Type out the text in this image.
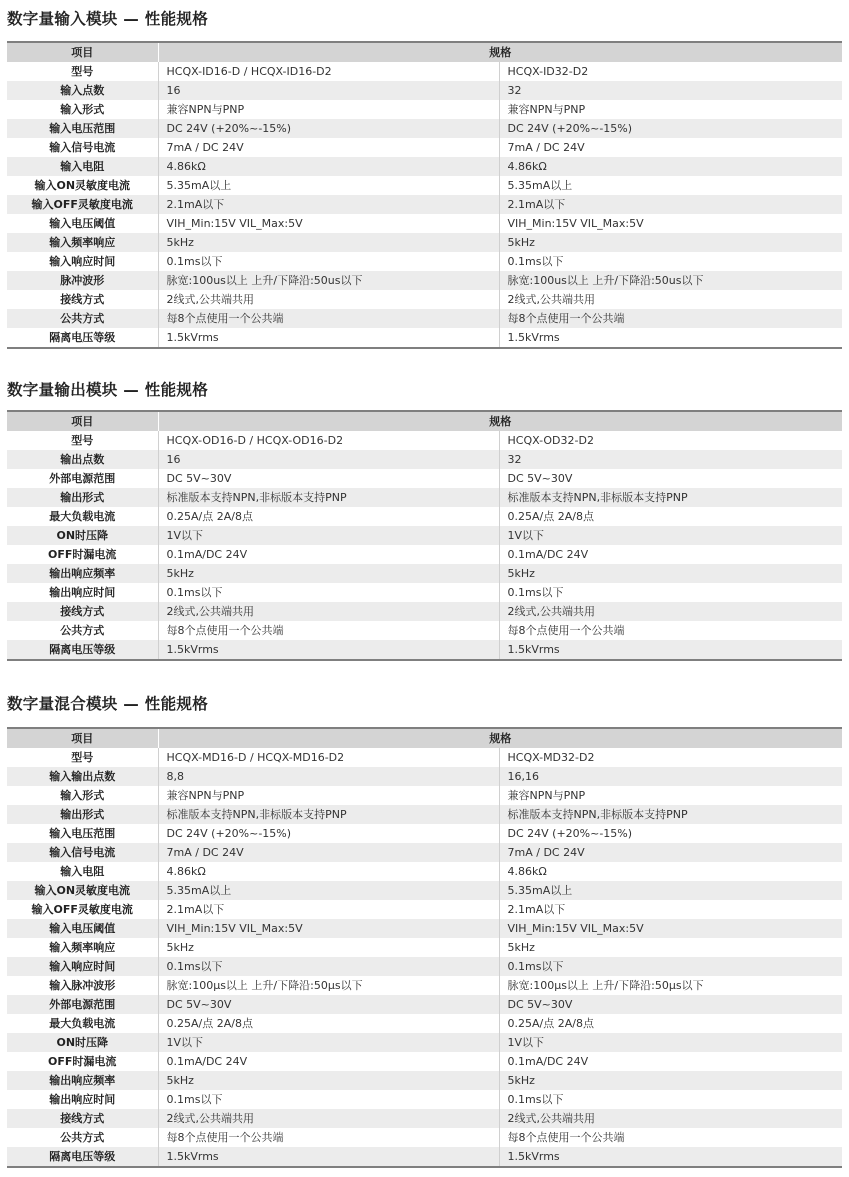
数字量输入模块 — 性能规格
项目	规格	
型号	HCQX-ID16-D / HCQX-ID16-D2	HCQX-ID32-D2
输入点数	16	32
输入形式	兼容NPN与PNP	兼容NPN与PNP
输入电压范围	DC 24V (+20%~-15%)	DC 24V (+20%~-15%)
输入信号电流	7mA / DC 24V	7mA / DC 24V
输入电阻	4.86kΩ	4.86kΩ
输入ON灵敏度电流	5.35mA以上	5.35mA以上
输入OFF灵敏度电流	2.1mA以下	2.1mA以下
输入电压阈值	VIH_Min:15V VIL_Max:5V	VIH_Min:15V VIL_Max:5V
输入频率响应	5kHz	5kHz
输入响应时间	0.1ms以下	0.1ms以下
脉冲波形	脉宽:100us以上 上升/下降沿:50us以下	脉宽:100us以上 上升/下降沿:50us以下
接线方式	2线式,公共端共用	2线式,公共端共用
公共方式	每8个点使用一个公共端	每8个点使用一个公共端
隔离电压等级	1.5kVrms	1.5kVrms
数字量输出模块 — 性能规格
项目	规格	
型号	HCQX-OD16-D / HCQX-OD16-D2	HCQX-OD32-D2
输出点数	16	32
外部电源范围	DC 5V~30V	DC 5V~30V
输出形式	标准版本支持NPN,非标版本支持PNP	标准版本支持NPN,非标版本支持PNP
最大负载电流	0.25A/点 2A/8点	0.25A/点 2A/8点
ON时压降	1V以下	1V以下
OFF时漏电流	0.1mA/DC 24V	0.1mA/DC 24V
输出响应频率	5kHz	5kHz
输出响应时间	0.1ms以下	0.1ms以下
接线方式	2线式,公共端共用	2线式,公共端共用
公共方式	每8个点使用一个公共端	每8个点使用一个公共端
隔离电压等级	1.5kVrms	1.5kVrms
数字量混合模块 — 性能规格
项目	规格	
型号	HCQX-MD16-D / HCQX-MD16-D2	HCQX-MD32-D2
输入输出点数	8,8	16,16
输入形式	兼容NPN与PNP	兼容NPN与PNP
输出形式	标准版本支持NPN,非标版本支持PNP	标准版本支持NPN,非标版本支持PNP
输入电压范围	DC 24V (+20%~-15%)	DC 24V (+20%~-15%)
输入信号电流	7mA / DC 24V	7mA / DC 24V
输入电阻	4.86kΩ	4.86kΩ
输入ON灵敏度电流	5.35mA以上	5.35mA以上
输入OFF灵敏度电流	2.1mA以下	2.1mA以下
输入电压阈值	VIH_Min:15V VIL_Max:5V	VIH_Min:15V VIL_Max:5V
输入频率响应	5kHz	5kHz
输入响应时间	0.1ms以下	0.1ms以下
输入脉冲波形	脉宽:100μs以上 上升/下降沿:50μs以下	脉宽:100μs以上 上升/下降沿:50μs以下
外部电源范围	DC 5V~30V	DC 5V~30V
最大负载电流	0.25A/点 2A/8点	0.25A/点 2A/8点
ON时压降	1V以下	1V以下
OFF时漏电流	0.1mA/DC 24V	0.1mA/DC 24V
输出响应频率	5kHz	5kHz
输出响应时间	0.1ms以下	0.1ms以下
接线方式	2线式,公共端共用	2线式,公共端共用
公共方式	每8个点使用一个公共端	每8个点使用一个公共端
隔离电压等级	1.5kVrms	1.5kVrms
